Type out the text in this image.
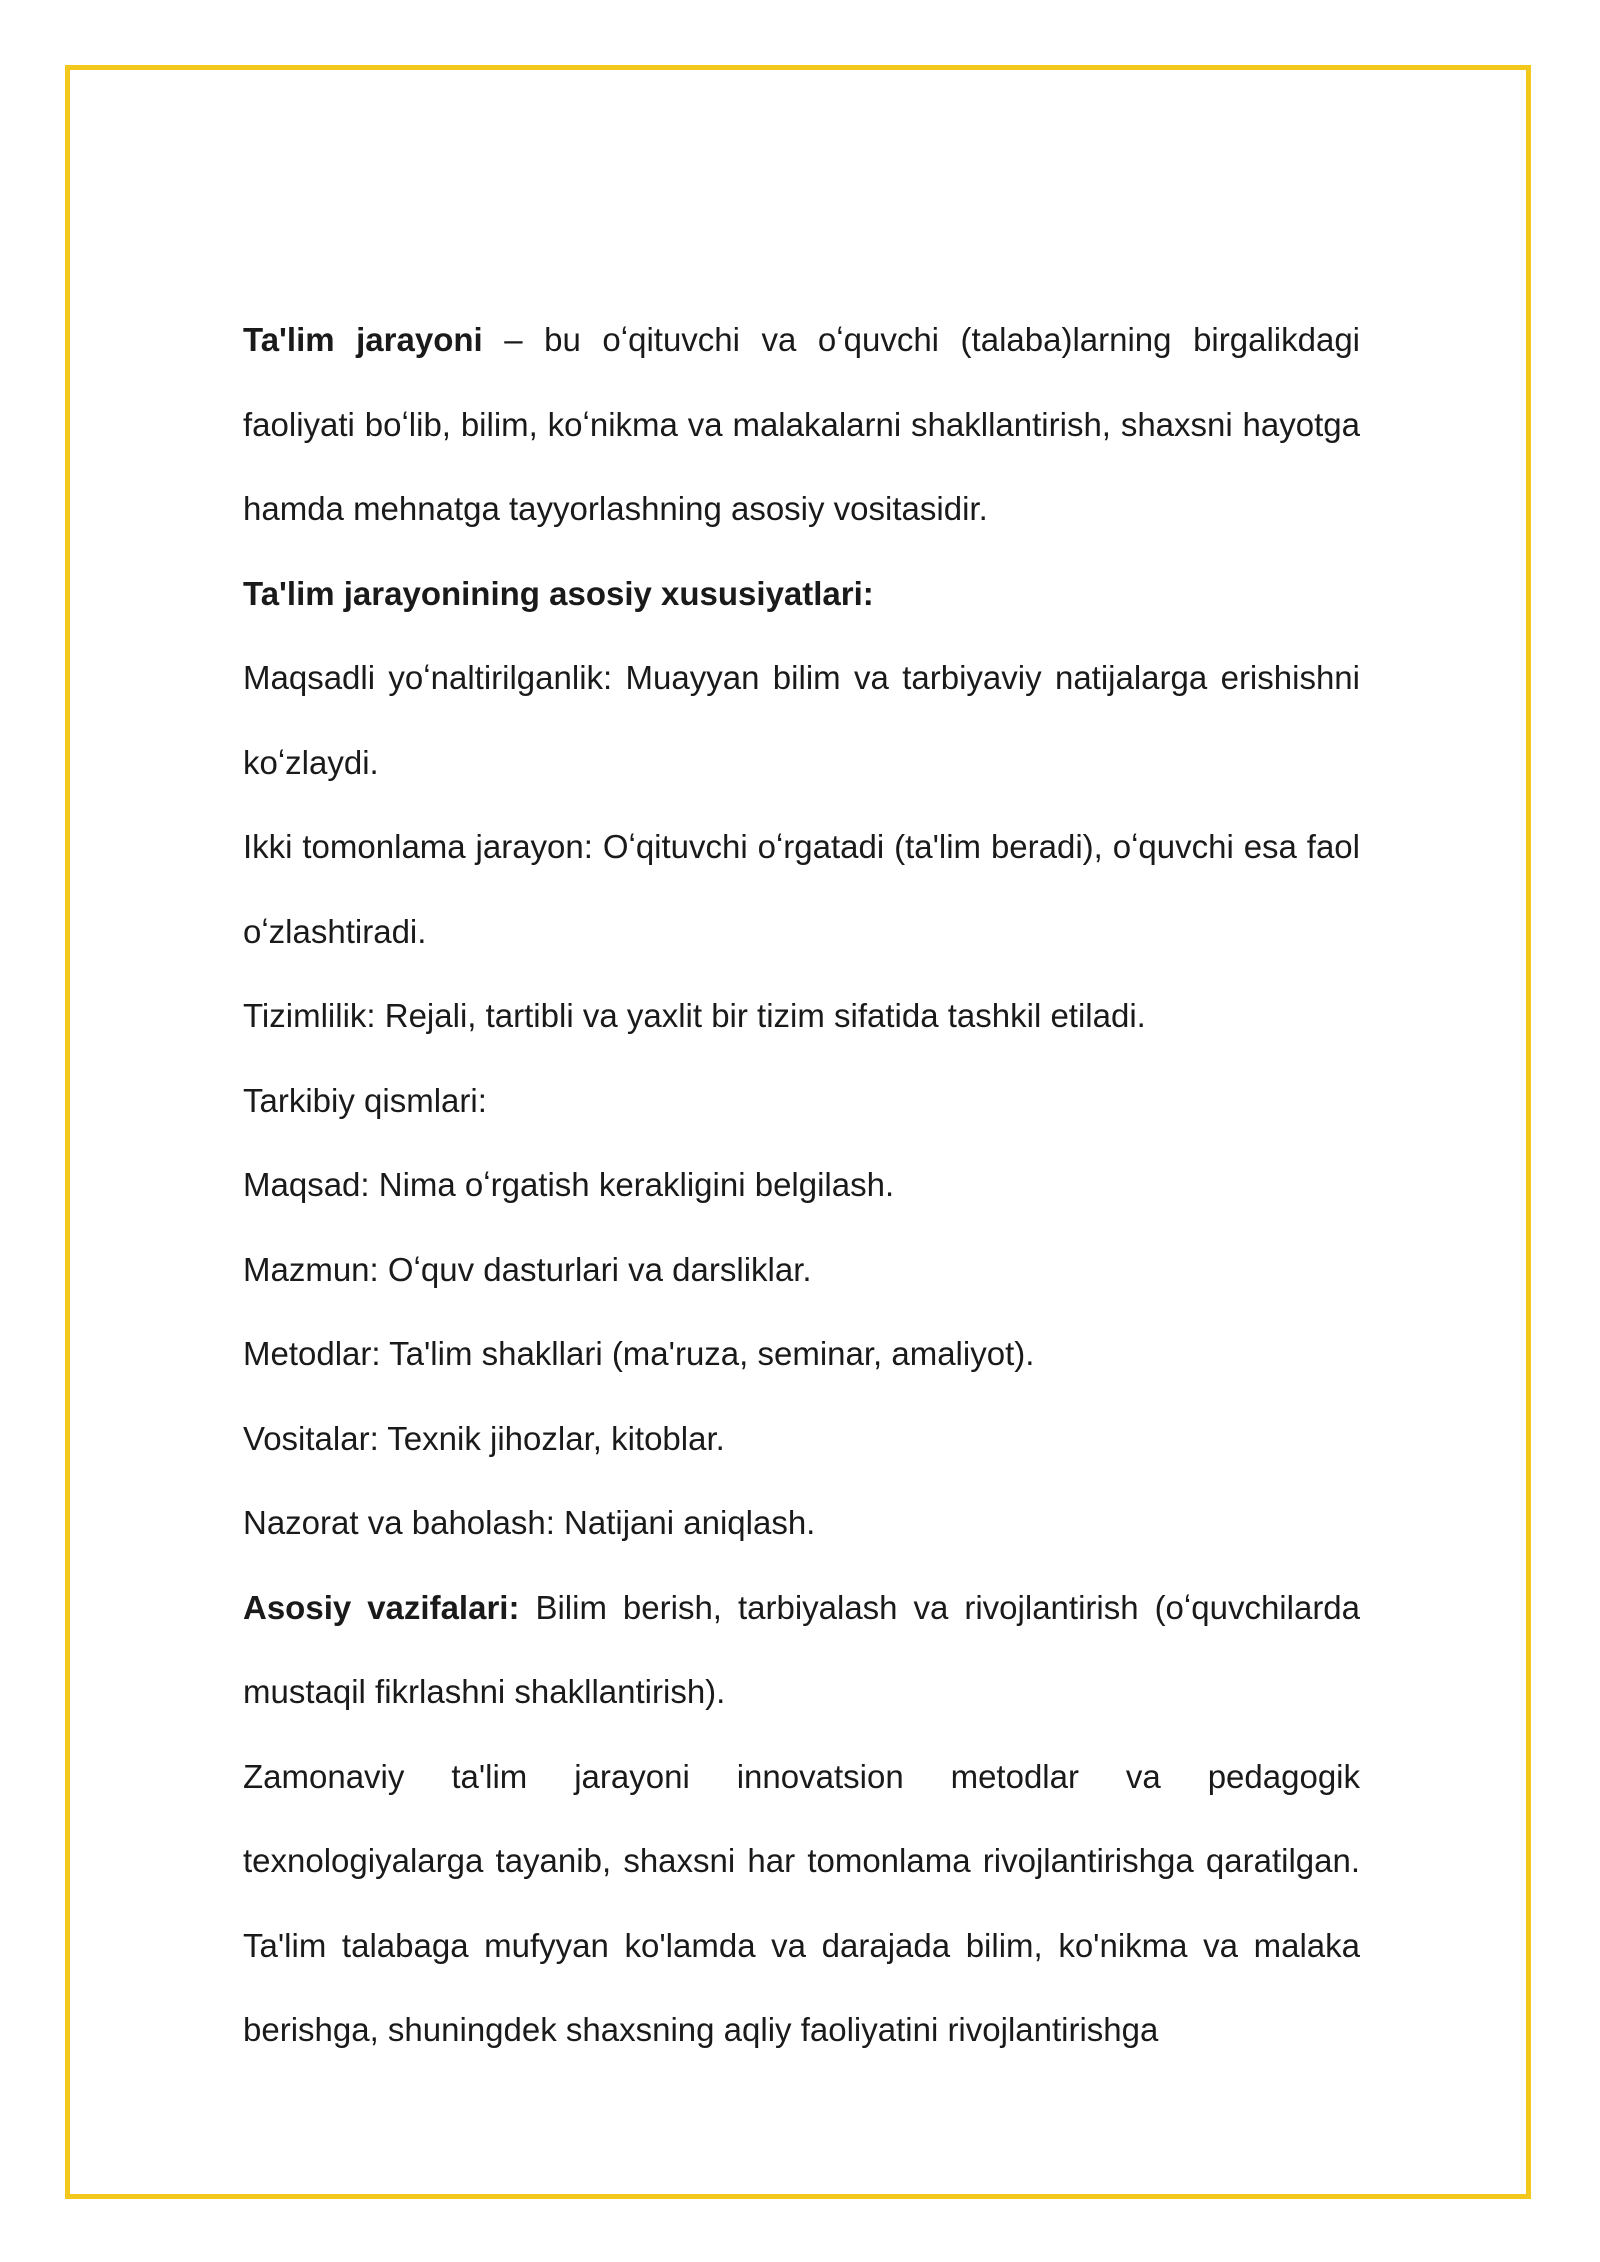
Ta'lim jarayoni – bu oʻqituvchi va oʻquvchi (talaba)larning birgalikdagi faoliyati boʻlib, bilim, koʻnikma va malakalarni shakllantirish, shaxsni hayotga hamda mehnatga tayyorlashning asosiy vositasidir.

Ta'lim jarayonining asosiy xususiyatlari:

Maqsadli yoʻnaltirilganlik: Muayyan bilim va tarbiyaviy natijalarga erishishni koʻzlaydi.

Ikki tomonlama jarayon: Oʻqituvchi oʻrgatadi (ta'lim beradi), oʻquvchi esa faol oʻzlashtiradi.

Tizimlilik: Rejali, tartibli va yaxlit bir tizim sifatida tashkil etiladi.

Tarkibiy qismlari:

Maqsad: Nima oʻrgatish kerakligini belgilash.

Mazmun: Oʻquv dasturlari va darsliklar.

Metodlar: Ta'lim shakllari (ma'ruza, seminar, amaliyot).

Vositalar: Texnik jihozlar, kitoblar.

Nazorat va baholash: Natijani aniqlash.

Asosiy vazifalari: Bilim berish, tarbiyalash va rivojlantirish (oʻquvchilarda mustaqil fikrlashni shakllantirish).

Zamonaviy ta'lim jarayoni innovatsion metodlar va pedagogik texnologiyalarga tayanib, shaxsni har tomonlama rivojlantirishga qaratilgan. Ta'lim talabaga mufyyan ko'lamda va darajada bilim, ko'nikma va malaka berishga, shuningdek shaxsning aqliy faoliyatini rivojlantirishga
